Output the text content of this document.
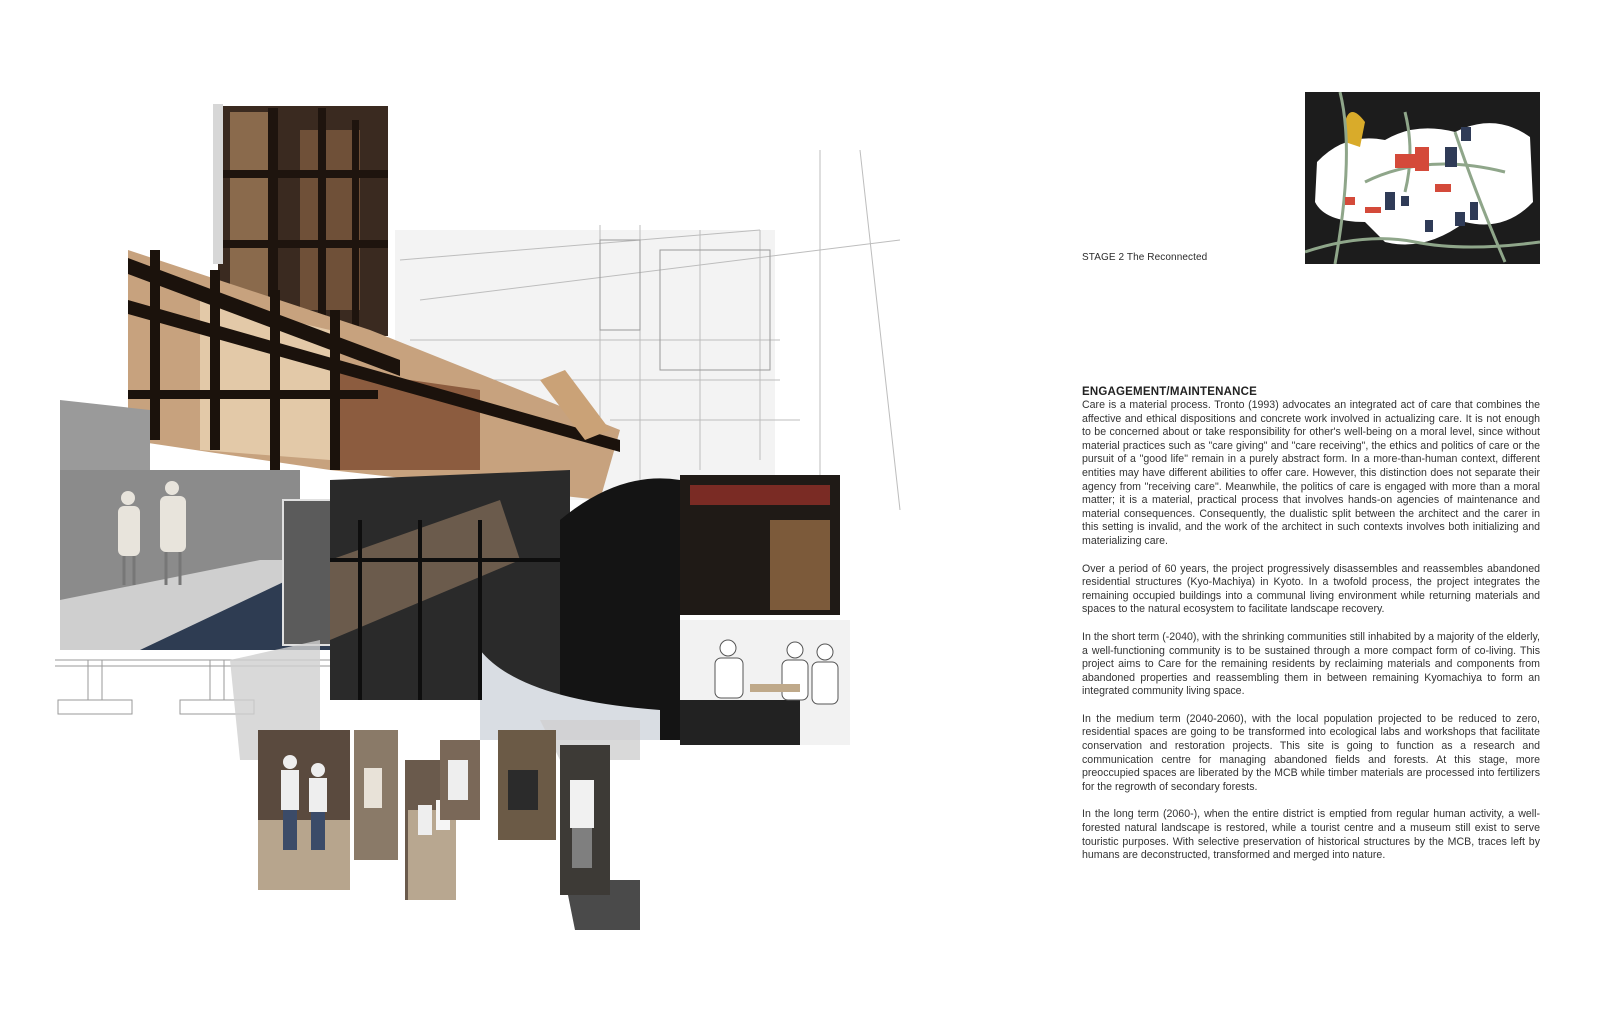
STAGE 2 The Reconnected
ENGAGEMENT/MAINTENANCE

Care is a material process. Tronto (1993) advocates an integrated act of care that combines the affective and ethical dispositions and concrete work involved in actualizing care. It is not enough to be concerned about or take responsibility for other's well-being on a moral level, since without material practices such as "care giving" and "care receiving", the ethics and politics of care or the pursuit of a "good life" remain in a purely abstract form. In a more-than-human context, different entities may have different abilities to offer care. However, this distinction does not separate their agency from "receiving care". Meanwhile, the politics of care is engaged with more than a moral matter; it is a material, practical process that involves hands-on agencies of maintenance and material consequences. Consequently, the dualistic split between the architect and the carer in this setting is invalid, and the work of the architect in such contexts involves both initializing and materializing care.

Over a period of 60 years, the project progressively disassembles and reassembles abandoned residential structures (Kyo-Machiya) in Kyoto. In a twofold process, the project integrates the remaining occupied buildings into a communal living environment while returning materials and spaces to the natural ecosystem to facilitate landscape recovery.

In the short term (-2040), with the shrinking communities still inhabited by a majority of the elderly, a well-functioning community is to be sustained through a more compact form of co-living. This project aims to Care for the remaining residents by reclaiming materials and components from abandoned properties and reassembling them in between remaining Kyomachiya to form an integrated community living space.

In the medium term (2040-2060), with the local population projected to be reduced to zero, residential spaces are going to be transformed into ecological labs and workshops that facilitate conservation and restoration projects. This site is going to function as a research and communication centre for managing abandoned fields and forests. At this stage, more preoccupied spaces are liberated by the MCB while timber materials are processed into fertilizers for the regrowth of secondary forests.

In the long term (2060-), when the entire district is emptied from regular human activity, a well-forested natural landscape is restored, while a tourist centre and a museum still exist to serve touristic purposes. With selective preservation of historical structures by the MCB, traces left by humans are deconstructed, transformed and merged into nature.
